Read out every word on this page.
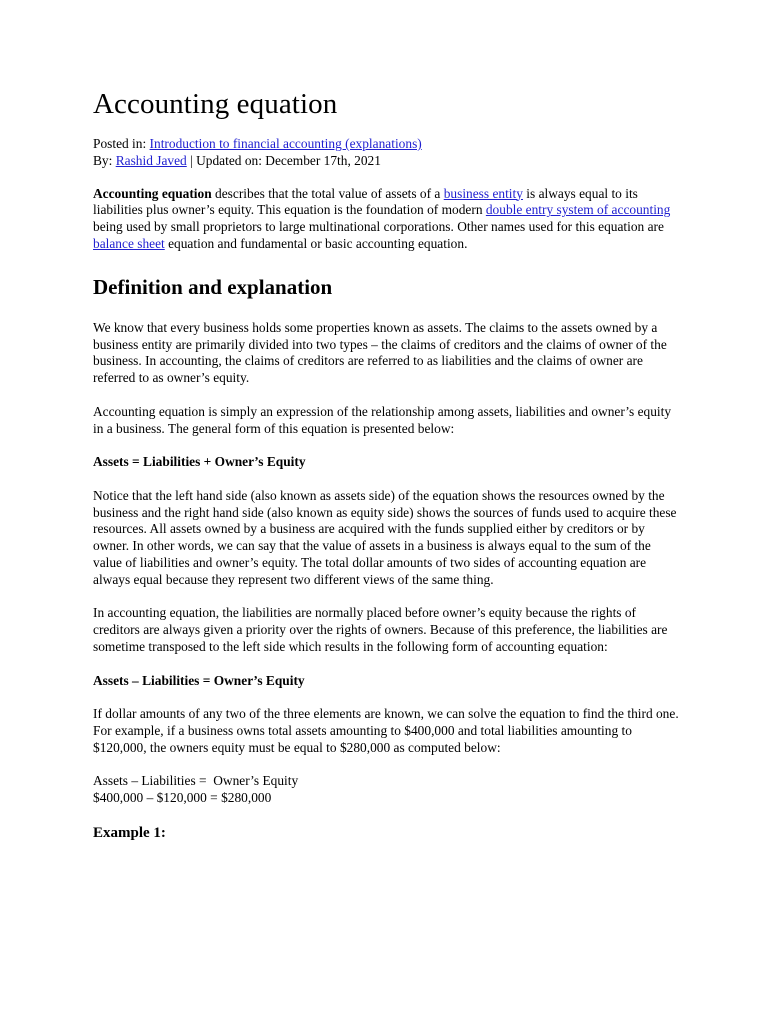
Accounting equation

Posted in: Introduction to financial accounting (explanations)

By: Rashid Javed | Updated on: December 17th, 2021

Accounting equation describes that the total value of assets of a business entity is always equal to its liabilities plus owner’s equity. This equation is the foundation of modern double entry system of accounting being used by small proprietors to large multinational corporations. Other names used for this equation are balance sheet equation and fundamental or basic accounting equation.

Definition and explanation

We know that every business holds some properties known as assets. The claims to the assets owned by a business entity are primarily divided into two types – the claims of creditors and the claims of owner of the business. In accounting, the claims of creditors are referred to as liabilities and the claims of owner are referred to as owner’s equity.

Accounting equation is simply an expression of the relationship among assets, liabilities and owner’s equity in a business. The general form of this equation is presented below:

Assets = Liabilities + Owner’s Equity

Notice that the left hand side (also known as assets side) of the equation shows the resources owned by the business and the right hand side (also known as equity side) shows the sources of funds used to acquire these resources. All assets owned by a business are acquired with the funds supplied either by creditors or by owner. In other words, we can say that the value of assets in a business is always equal to the sum of the value of liabilities and owner’s equity. The total dollar amounts of two sides of accounting equation are always equal because they represent two different views of the same thing.

In accounting equation, the liabilities are normally placed before owner’s equity because the rights of creditors are always given a priority over the rights of owners. Because of this preference, the liabilities are sometime transposed to the left side which results in the following form of accounting equation:

Assets – Liabilities = Owner’s Equity

If dollar amounts of any two of the three elements are known, we can solve the equation to find the third one. For example, if a business owns total assets amounting to $400,000 and total liabilities amounting to $120,000, the owners equity must be equal to $280,000 as computed below:

Assets – Liabilities =  Owner’s Equity
$400,000 – $120,000 = $280,000
Example 1:
